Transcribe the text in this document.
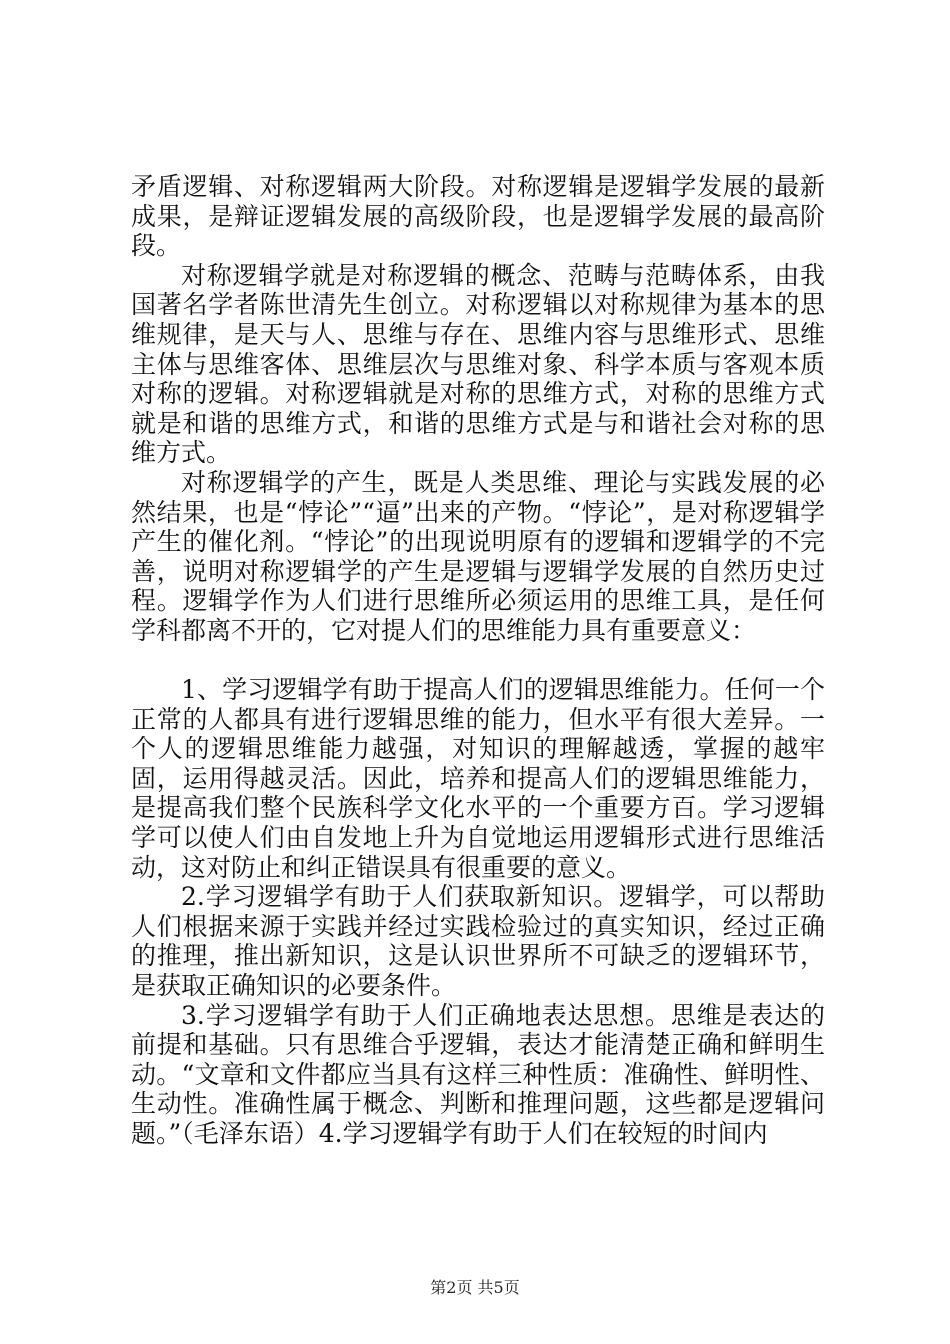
矛盾逻辑、对称逻辑两大阶段。对称逻辑是逻辑学发展的最新成果，是辩证逻辑发展的高级阶段，也是逻辑学发展的最高阶段。

对称逻辑学就是对称逻辑的概念、范畴与范畴体系，由我国著名学者陈世清先生创立。对称逻辑以对称规律为基本的思维规律，是天与人、思维与存在、思维内容与思维形式、思维主体与思维客体、思维层次与思维对象、科学本质与客观本质对称的逻辑。对称逻辑就是对称的思维方式，对称的思维方式就是和谐的思维方式，和谐的思维方式是与和谐社会对称的思维方式。

对称逻辑学的产生，既是人类思维、理论与实践发展的必然结果，也是“悖论”“逼”出来的产物。“悖论”，是对称逻辑学产生的催化剂。“悖论”的出现说明原有的逻辑和逻辑学的不完善，说明对称逻辑学的产生是逻辑与逻辑学发展的自然历史过程。逻辑学作为人们进行思维所必须运用的思维工具，是任何学科都离不开的，它对提人们的思维能力具有重要意义：

1、学习逻辑学有助于提高人们的逻辑思维能力。任何一个正常的人都具有进行逻辑思维的能力，但水平有很大差异。一个人的逻辑思维能力越强，对知识的理解越透，掌握的越牢固，运用得越灵活。因此，培养和提高人们的逻辑思维能力，是提高我们整个民族科学文化水平的一个重要方百。学习逻辑学可以使人们由自发地上升为自觉地运用逻辑形式进行思维活动，这对防止和纠正错误具有很重要的意义。

2.学习逻辑学有助于人们获取新知识。逻辑学，可以帮助人们根据来源于实践并经过实践检验过的真实知识，经过正确的推理，推出新知识，这是认识世界所不可缺乏的逻辑环节，是获取正确知识的必要条件。

3.学习逻辑学有助于人们正确地表达思想。思维是表达的前提和基础。只有思维合乎逻辑，表达才能清楚正确和鲜明生动。“文章和文件都应当具有这样三种性质：准确性、鲜明性、生动性。准确性属于概念、判断和推理问题，这些都是逻辑问题。”（毛泽东语）4.学习逻辑学有助于人们在较短的时间内

第2页 共5页
